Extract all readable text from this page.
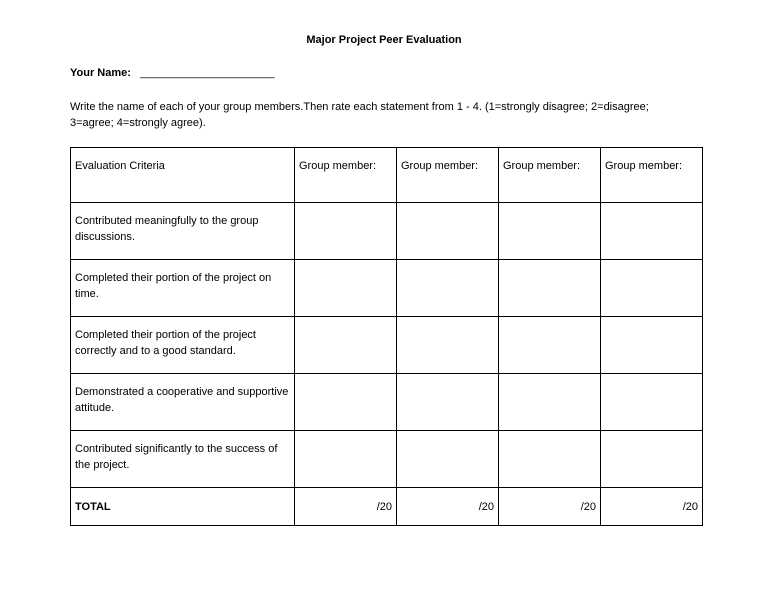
Major Project Peer Evaluation
Your Name: ______________________
Write the name of each of your group members.Then rate each statement from 1 - 4. (1=strongly disagree; 2=disagree; 3=agree; 4=strongly agree).
Evaluation Criteria	Group member:	Group member:	Group member:	Group member:
Contributed meaningfully to the group discussions.				
Completed their portion of the project on time.				
Completed their portion of the project correctly and to a good standard.				
Demonstrated a cooperative and supportive attitude.				
Contributed significantly to the success of the project.				
TOTAL	/20	/20	/20	/20
